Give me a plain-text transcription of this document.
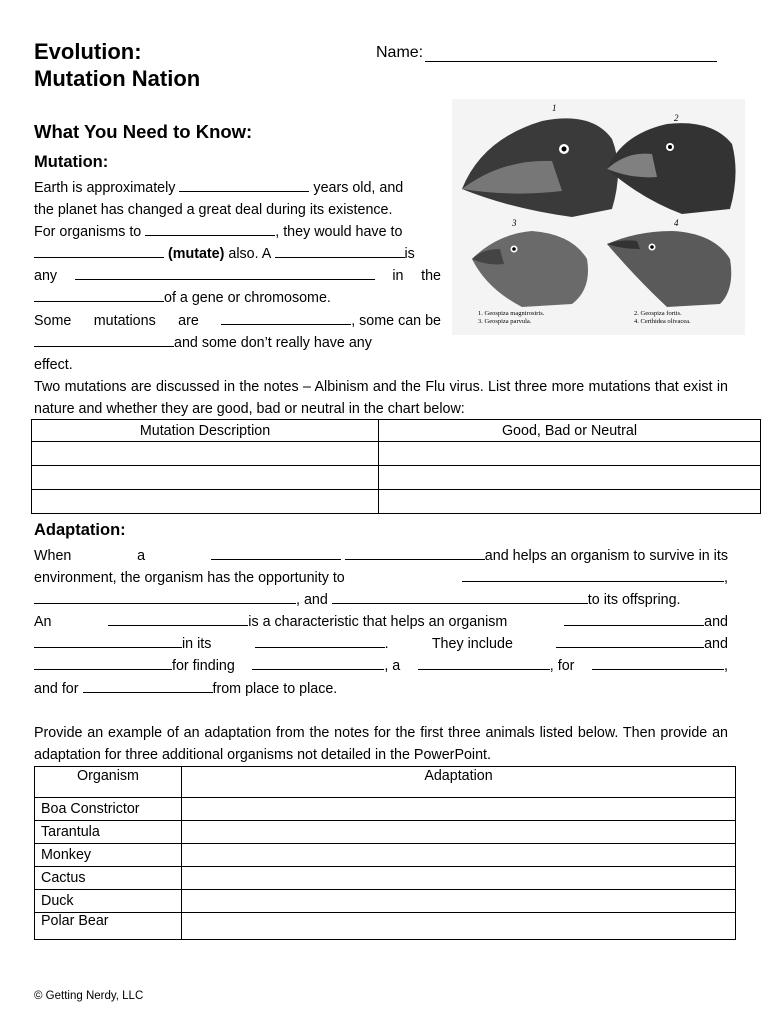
Evolution:
Mutation Nation
Name:
What You Need to Know:
Mutation:
1
2
3	4
1. Geospiza magnirostris.
3. Geospiza parvula.
2. Geospiza fortis.
4. Certhidea olivacea.
Earth is approximately	years old, and
the planet has changed a great deal during its existence.
For organisms to	, they would have to
(mutate) also. A	is
any	in the
of a gene or chromosome.
Some mutations are	, some can be
and some don’t really have any
effect.
Two mutations are discussed in the notes – Albinism and the Flu virus. List three more mutations that exist in nature and whether they are good, bad or neutral in the chart below:
Mutation Description	Good, Bad or Neutral

Adaptation:
When	a	and helps an organism to survive in its
environment, the organism has the opportunity to	,
, and	to its offspring.
An	is a characteristic that helps an organism	and
in its	.	They include	and
for finding	, a	, for	,
and for	from place to place.
Provide an example of an adaptation from the notes for the first three animals listed below. Then provide an adaptation for three additional organisms not detailed in the PowerPoint.
Organism	Adaptation
Boa Constrictor	
Tarantula	
Monkey	
Cactus	
Duck	
Polar Bear	
© Getting Nerdy, LLC
